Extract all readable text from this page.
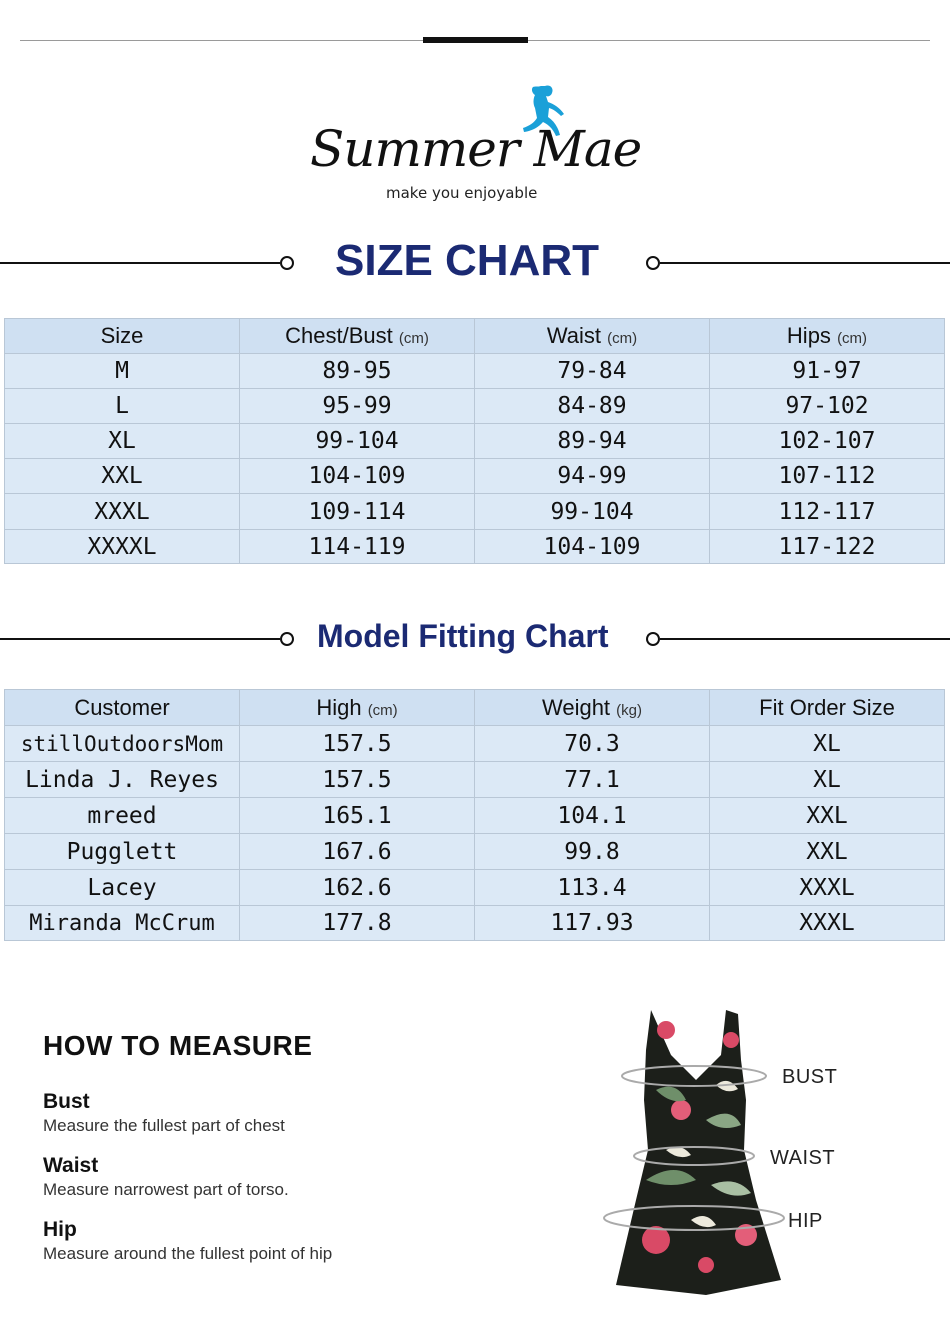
Summer Mae
make you enjoyable
SIZE CHART
Size	Chest/Bust (cm)	Waist (cm)	Hips (cm)
M	89-95	79-84	91-97
L	95-99	84-89	97-102
XL	99-104	89-94	102-107
XXL	104-109	94-99	107-112
XXXL	109-114	99-104	112-117
XXXXL	114-119	104-109	117-122
Model Fitting Chart
Customer	High (cm)	Weight (kg)	Fit Order Size
stillOutdoorsMom	157.5	70.3	XL
Linda J. Reyes	157.5	77.1	XL
mreed	165.1	104.1	XXL
Pugglett	167.6	99.8	XXL
Lacey	162.6	113.4	XXXL
Miranda McCrum	177.8	117.93	XXXL
HOW TO MEASURE

Bust

Measure the fullest part of chest

Waist

Measure narrowest part of torso.

Hip

Measure around the fullest point of hip

BUST
WAIST
HIP
